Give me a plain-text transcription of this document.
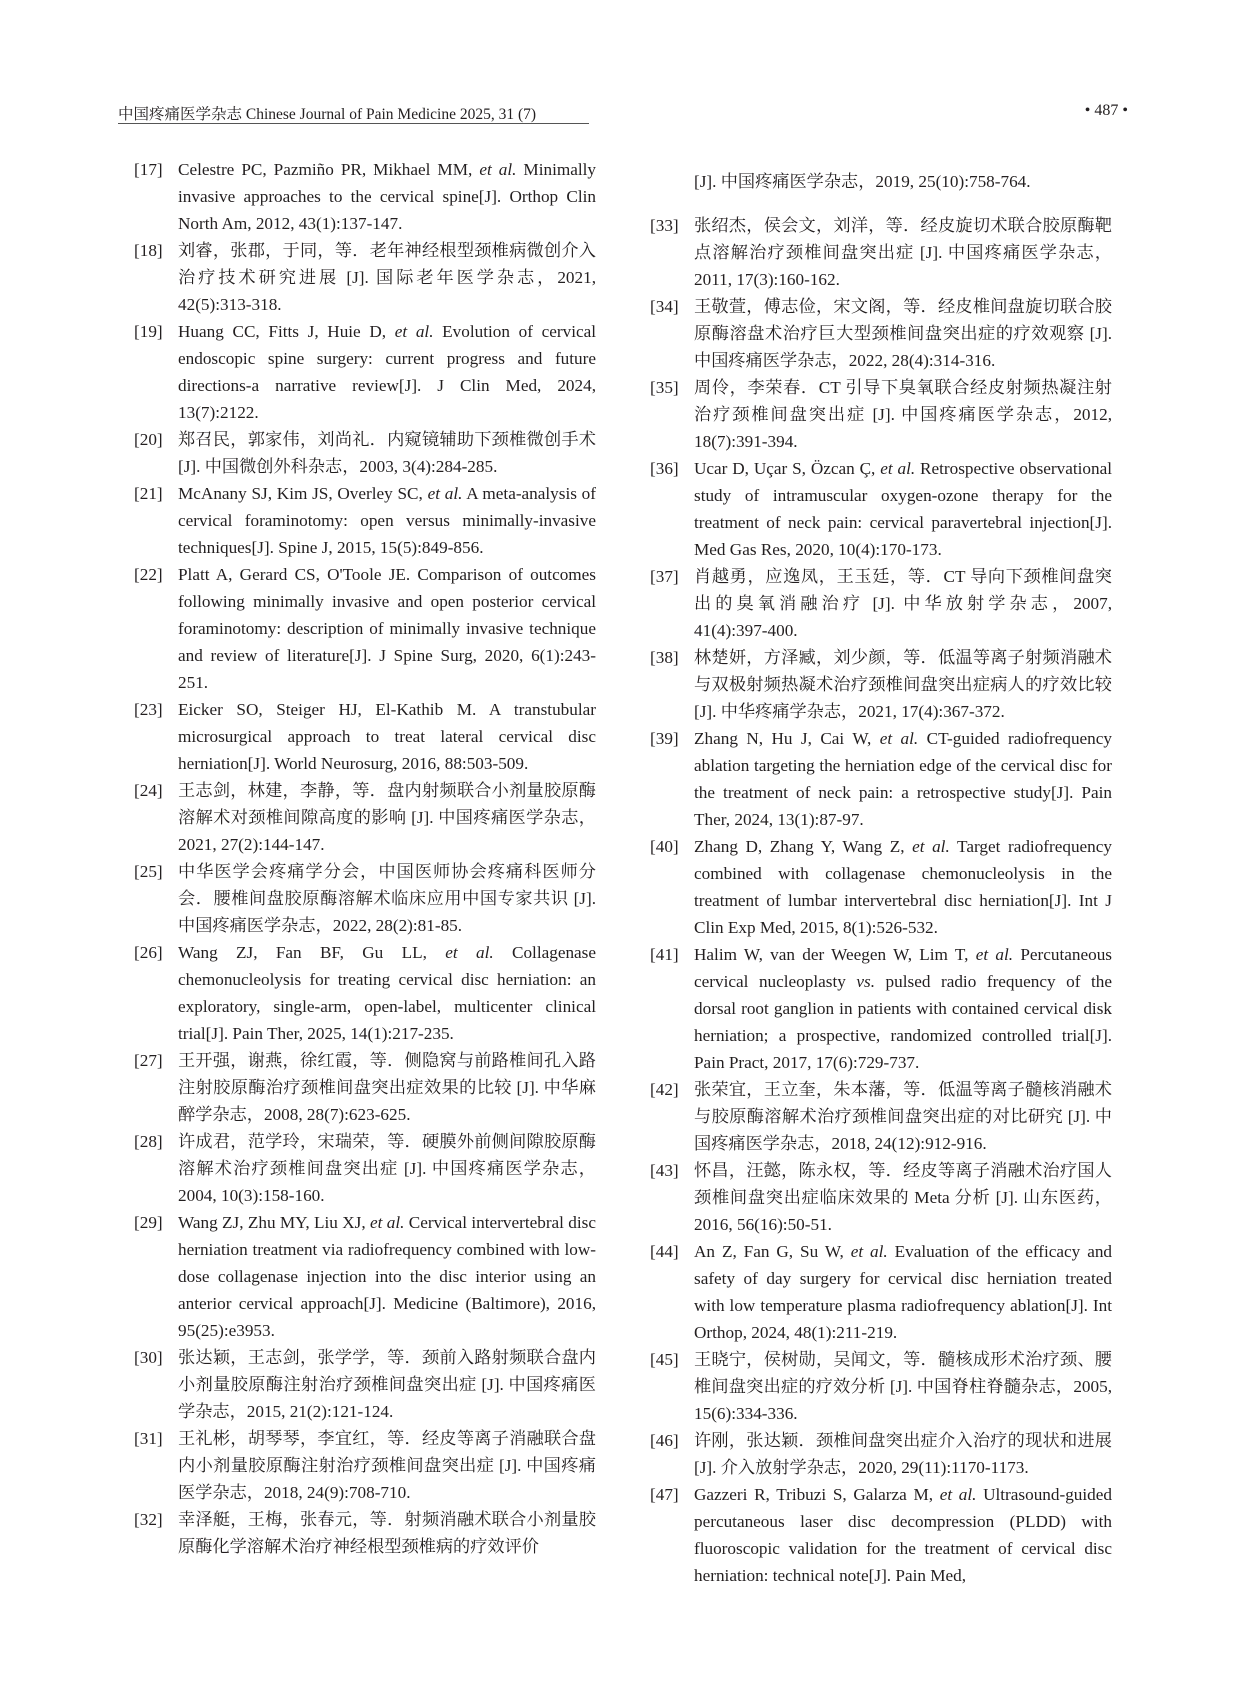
中国疼痛医学杂志 Chinese Journal of Pain Medicine 2025, 31 (7)	• 487 •

[17] Celestre PC, Pazmiño PR, Mikhael MM, et al. Minimally invasive approaches to the cervical spine[J]. Orthop Clin North Am, 2012, 43(1):137-147.

[18] 刘睿，张郡，于同，等．老年神经根型颈椎病微创介入治疗技术研究进展 [J]. 国际老年医学杂志，2021, 42(5):313-318.

[19] Huang CC, Fitts J, Huie D, et al. Evolution of cervical endoscopic spine surgery: current progress and future directions-a narrative review[J]. J Clin Med, 2024, 13(7):2122.

[20] 郑召民，郭家伟，刘尚礼．内窥镜辅助下颈椎微创手术 [J]. 中国微创外科杂志，2003, 3(4):284-285.

[21] McAnany SJ, Kim JS, Overley SC, et al. A meta-analysis of cervical foraminotomy: open versus minimally-invasive techniques[J]. Spine J, 2015, 15(5):849-856.

[22] Platt A, Gerard CS, O'Toole JE. Comparison of outcomes following minimally invasive and open posterior cervical foraminotomy: description of minimally invasive technique and review of literature[J]. J Spine Surg, 2020, 6(1):243-251.

[23] Eicker SO, Steiger HJ, El-Kathib M. A transtubular microsurgical approach to treat lateral cervical disc herniation[J]. World Neurosurg, 2016, 88:503-509.

[24] 王志剑，林建，李静，等．盘内射频联合小剂量胶原酶溶解术对颈椎间隙高度的影响 [J]. 中国疼痛医学杂志，2021, 27(2):144-147.

[25] 中华医学会疼痛学分会，中国医师协会疼痛科医师分会．腰椎间盘胶原酶溶解术临床应用中国专家共识 [J]. 中国疼痛医学杂志，2022, 28(2):81-85.

[26] Wang ZJ, Fan BF, Gu LL, et al. Collagenase chemonucleolysis for treating cervical disc herniation: an exploratory, single-arm, open-label, multicenter clinical trial[J]. Pain Ther, 2025, 14(1):217-235.

[27] 王开强，谢燕，徐红霞，等．侧隐窝与前路椎间孔入路注射胶原酶治疗颈椎间盘突出症效果的比较 [J]. 中华麻醉学杂志，2008, 28(7):623-625.

[28] 许成君，范学玲，宋瑞荣，等．硬膜外前侧间隙胶原酶溶解术治疗颈椎间盘突出症 [J]. 中国疼痛医学杂志，2004, 10(3):158-160.

[29] Wang ZJ, Zhu MY, Liu XJ, et al. Cervical intervertebral disc herniation treatment via radiofrequency combined with low-dose collagenase injection into the disc interior using an anterior cervical approach[J]. Medicine (Baltimore), 2016, 95(25):e3953.

[30] 张达颖，王志剑，张学学，等．颈前入路射频联合盘内小剂量胶原酶注射治疗颈椎间盘突出症 [J]. 中国疼痛医学杂志，2015, 21(2):121-124.

[31] 王礼彬，胡琴琴，李宜红，等．经皮等离子消融联合盘内小剂量胶原酶注射治疗颈椎间盘突出症 [J]. 中国疼痛医学杂志，2018, 24(9):708-710.

[32] 幸泽艇，王梅，张春元，等．射频消融术联合小剂量胶原酶化学溶解术治疗神经根型颈椎病的疗效评价

[J]. 中国疼痛医学杂志，2019, 25(10):758-764.

[33] 张绍杰，侯会文，刘洋，等．经皮旋切术联合胶原酶靶点溶解治疗颈椎间盘突出症 [J]. 中国疼痛医学杂志，2011, 17(3):160-162.

[34] 王敬萱，傅志俭，宋文阁，等．经皮椎间盘旋切联合胶原酶溶盘术治疗巨大型颈椎间盘突出症的疗效观察 [J]. 中国疼痛医学杂志，2022, 28(4):314-316.

[35] 周伶，李荣春．CT 引导下臭氧联合经皮射频热凝注射治疗颈椎间盘突出症 [J]. 中国疼痛医学杂志，2012, 18(7):391-394.

[36] Ucar D, Uçar S, Özcan Ç, et al. Retrospective observational study of intramuscular oxygen-ozone therapy for the treatment of neck pain: cervical paravertebral injection[J]. Med Gas Res, 2020, 10(4):170-173.

[37] 肖越勇，应逸凤，王玉廷，等．CT 导向下颈椎间盘突出的臭氧消融治疗 [J]. 中华放射学杂志，2007, 41(4):397-400.

[38] 林楚妍，方泽臧，刘少颜，等．低温等离子射频消融术与双极射频热凝术治疗颈椎间盘突出症病人的疗效比较 [J]. 中华疼痛学杂志，2021, 17(4):367-372.

[39] Zhang N, Hu J, Cai W, et al. CT-guided radiofrequency ablation targeting the herniation edge of the cervical disc for the treatment of neck pain: a retrospective study[J]. Pain Ther, 2024, 13(1):87-97.

[40] Zhang D, Zhang Y, Wang Z, et al. Target radiofrequency combined with collagenase chemonucleolysis in the treatment of lumbar intervertebral disc herniation[J]. Int J Clin Exp Med, 2015, 8(1):526-532.

[41] Halim W, van der Weegen W, Lim T, et al. Percutaneous cervical nucleoplasty vs. pulsed radio frequency of the dorsal root ganglion in patients with contained cervical disk herniation; a prospective, randomized controlled trial[J]. Pain Pract, 2017, 17(6):729-737.

[42] 张荣宜，王立奎，朱本藩，等．低温等离子髓核消融术与胶原酶溶解术治疗颈椎间盘突出症的对比研究 [J]. 中国疼痛医学杂志，2018, 24(12):912-916.

[43] 怀昌，汪懿，陈永权，等．经皮等离子消融术治疗国人颈椎间盘突出症临床效果的 Meta 分析 [J]. 山东医药，2016, 56(16):50-51.

[44] An Z, Fan G, Su W, et al. Evaluation of the efficacy and safety of day surgery for cervical disc herniation treated with low temperature plasma radiofrequency ablation[J]. Int Orthop, 2024, 48(1):211-219.

[45] 王晓宁，侯树勋，吴闻文，等．髓核成形术治疗颈、腰椎间盘突出症的疗效分析 [J]. 中国脊柱脊髓杂志，2005, 15(6):334-336.

[46] 许刚，张达颖．颈椎间盘突出症介入治疗的现状和进展 [J]. 介入放射学杂志，2020, 29(11):1170-1173.

[47] Gazzeri R, Tribuzi S, Galarza M, et al. Ultrasound-guided percutaneous laser disc decompression (PLDD) with fluoroscopic validation for the treatment of cervical disc herniation: technical note[J]. Pain Med,
